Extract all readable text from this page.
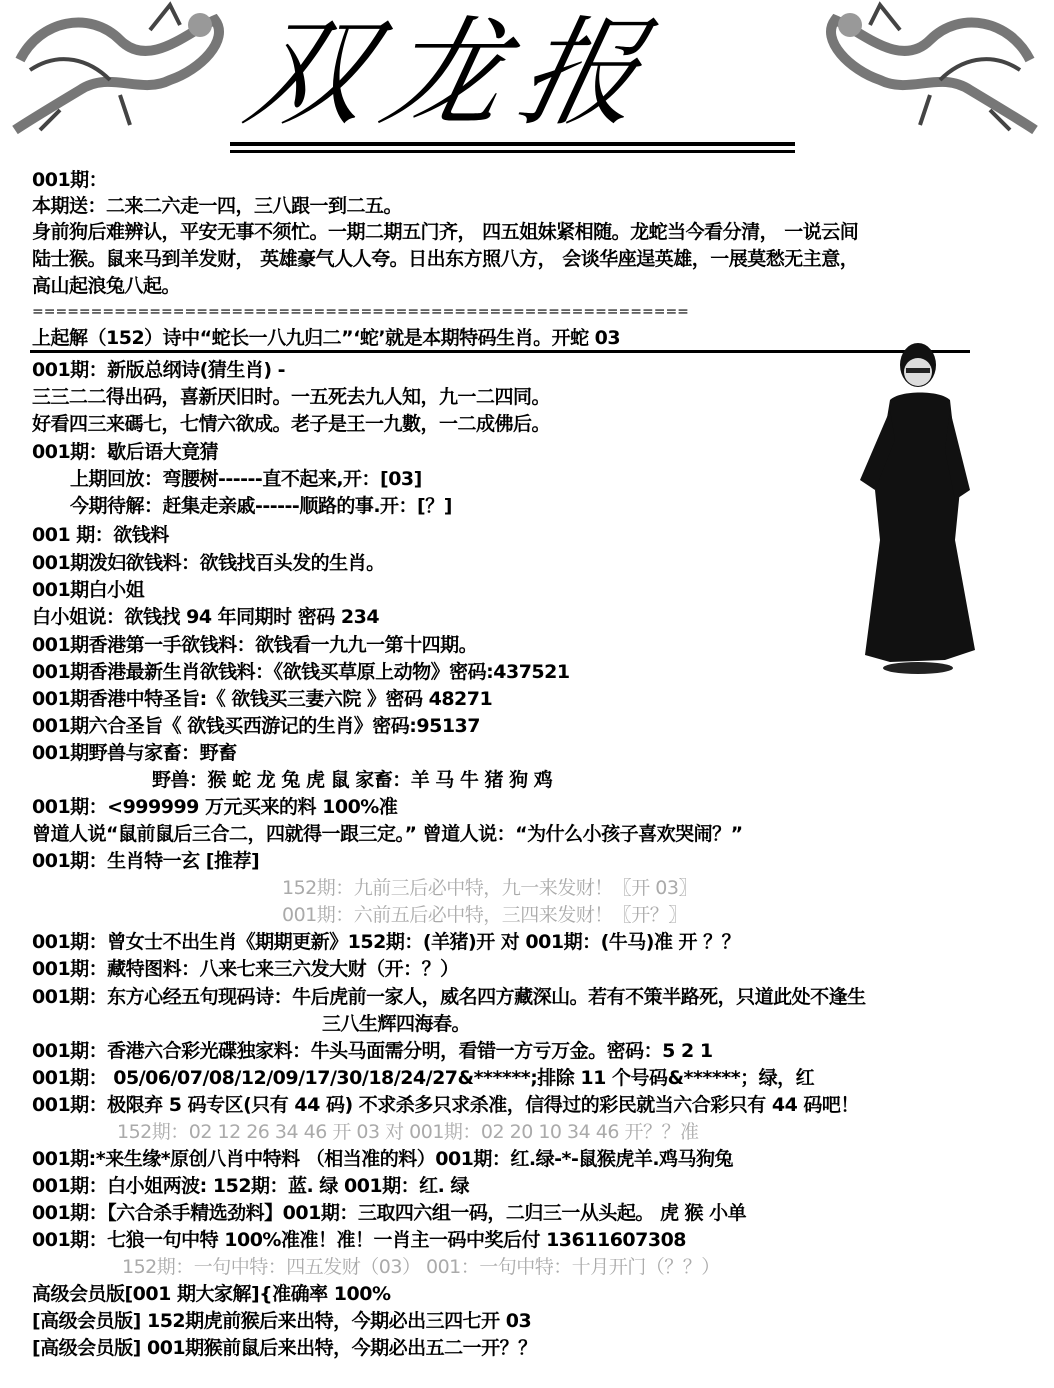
双龙报
001期：
本期送：二来二六走一四，三八跟一到二五。
身前狗后难辨认，平安无事不须忙。一期二期五门齐， 四五姐妹紧相随。龙蛇当今看分清， 一说云间
陆士猴。鼠来马到羊发财， 英雄豪气人人夸。日出东方照八方， 会谈华座逞英雄，一展莫愁无主意，
高山起浪兔八起。
========================================================
上起解（152）诗中“蛇长一八九归二”‘蛇’就是本期特码生肖。开蛇 03
001期：新版总纲诗(猜生肖) -
三三二二得出码，喜新厌旧时。一五死去九人知，九一二四同。
好看四三来碼七，七情六欲成。老子是王一九數，一二成佛后。
001期：歇后语大竟猜
上期回放：弯腰树------直不起来,开：[03]
今期待解：赶集走亲戚------顺路的事.开：[？]
001 期：欲钱料
001期泼妇欲钱料：欲钱找百头发的生肖。
001期白小姐
白小姐说：欲钱找 94 年同期时 密码 234
001期香港第一手欲钱料：欲钱看一九九一第十四期。
001期香港最新生肖欲钱料：《欲钱买草原上动物》密码:437521
001期香港中特圣旨:《 欲钱买三妻六院 》密码 48271
001期六合圣旨《 欲钱买西游记的生肖》密码:95137
001期野兽与家畜：野畜
野兽：猴 蛇 龙 兔 虎 鼠 家畜：羊 马 牛 猪 狗 鸡
001期：<999999 万元买来的料 100%准
曾道人说“鼠前鼠后三合二，四就得一跟三定。” 曾道人说：“为什么小孩子喜欢哭闹？”
001期：生肖特一玄 [推荐]
152期：九前三后必中特，九一来发财！〖开 03〗
001期：六前五后必中特，三四来发财！〖开？〗
001期：曾女士不出生肖《期期更新》152期：(羊猪)开 对 001期：(牛马)准 开 ？？
001期：藏特图料：八来七来三六发大财（开：？）
001期：东方心经五句现码诗：牛后虎前一家人，威名四方藏深山。若有不策半路死，只道此处不逢生
三八生辉四海春。
001期：香港六合彩光碟独家料：牛头马面需分明，看错一方亏万金。密码：5 2 1
001期： 05/06/07/08/12/09/17/30/18/24/27&******;排除 11 个号码&******；绿，红
001期：极限弃 5 码专区(只有 44 码) 不求杀多只求杀准，信得过的彩民就当六合彩只有 44 码吧！
152期：02 12 26 34 46 开 03 对 001期：02 20 10 34 46 开？？准
001期:*来生缘*原创八肖中特料 （相当准的料）001期：红.绿-*-鼠猴虎羊.鸡马狗兔
001期：白小姐两波: 152期：蓝. 绿 001期：红. 绿
001期：【六合杀手精选劲料】001期：三取四六组一码，二归三一从头起。 虎 猴 小单
001期：七狼一句中特 100%准准！准！一肖主一码中奖后付 13611607308
152期：一句中特：四五发财（03） 001：一句中特：十月开门（？？）
高级会员版[001 期大家解]{准确率 100%
[高级会员版] 152期虎前猴后来出特，今期必出三四七开 03
[高级会员版] 001期猴前鼠后来出特，今期必出五二一开？？
